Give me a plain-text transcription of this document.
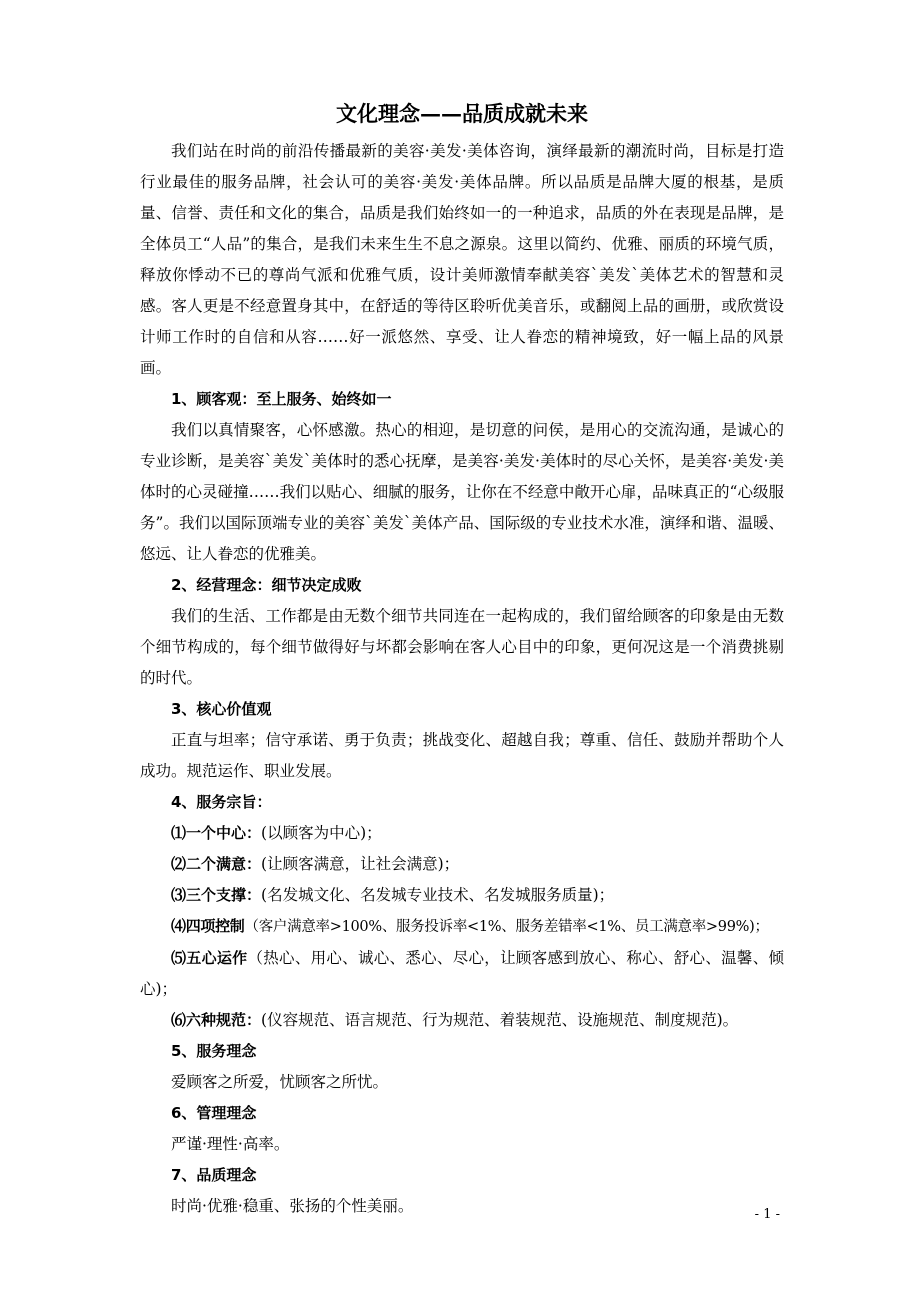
文化理念——品质成就未来

我们站在时尚的前沿传播最新的美容·美发·美体咨询，演绎最新的潮流时尚，目标是打造行业最佳的服务品牌，社会认可的美容·美发·美体品牌。所以品质是品牌大厦的根基，是质量、信誉、责任和文化的集合，品质是我们始终如一的一种追求，品质的外在表现是品牌，是全体员工“人品”的集合，是我们未来生生不息之源泉。这里以简约、优雅、丽质的环境气质，释放你悸动不已的尊尚气派和优雅气质，设计美师激情奉献美容`美发`美体艺术的智慧和灵感。客人更是不经意置身其中，在舒适的等待区聆听优美音乐，或翻阅上品的画册，或欣赏设计师工作时的自信和从容……好一派悠然、享受、让人眷恋的精神境致，好一幅上品的风景画。

1、顾客观：至上服务、始终如一

我们以真情聚客，心怀感激。热心的相迎，是切意的问侯，是用心的交流沟通，是诚心的专业诊断，是美容`美发`美体时的悉心抚摩，是美容·美发·美体时的尽心关怀，是美容·美发·美体时的心灵碰撞……我们以贴心、细腻的服务，让你在不经意中敞开心扉，品味真正的“心级服务”。我们以国际顶端专业的美容`美发`美体产品、国际级的专业技术水准，演绎和谐、温暖、悠远、让人眷恋的优雅美。

2、经营理念：细节决定成败

我们的生活、工作都是由无数个细节共同连在一起构成的，我们留给顾客的印象是由无数个细节构成的，每个细节做得好与坏都会影响在客人心目中的印象，更何况这是一个消费挑剔的时代。

3、核心价值观

正直与坦率；信守承诺、勇于负责；挑战变化、超越自我；尊重、信任、鼓励并帮助个人成功。规范运作、职业发展。

4、服务宗旨：

⑴一个中心：(以顾客为中心)；

⑵二个满意：(让顾客满意，让社会满意)；

⑶三个支撑：(名发城文化、名发城专业技术、名发城服务质量)；

⑷四项控制（客户满意率>100%、服务投诉率<1%、服务差错率<1%、员工满意率>99%)；

⑸五心运作（热心、用心、诚心、悉心、尽心，让顾客感到放心、称心、舒心、温馨、倾心)；

⑹六种规范：(仪容规范、语言规范、行为规范、着装规范、设施规范、制度规范)。

5、服务理念

爱顾客之所爱，忧顾客之所忧。

6、管理理念

严谨·理性·高率。

7、品质理念

时尚·优雅·稳重、张扬的个性美丽。	- 1 -
